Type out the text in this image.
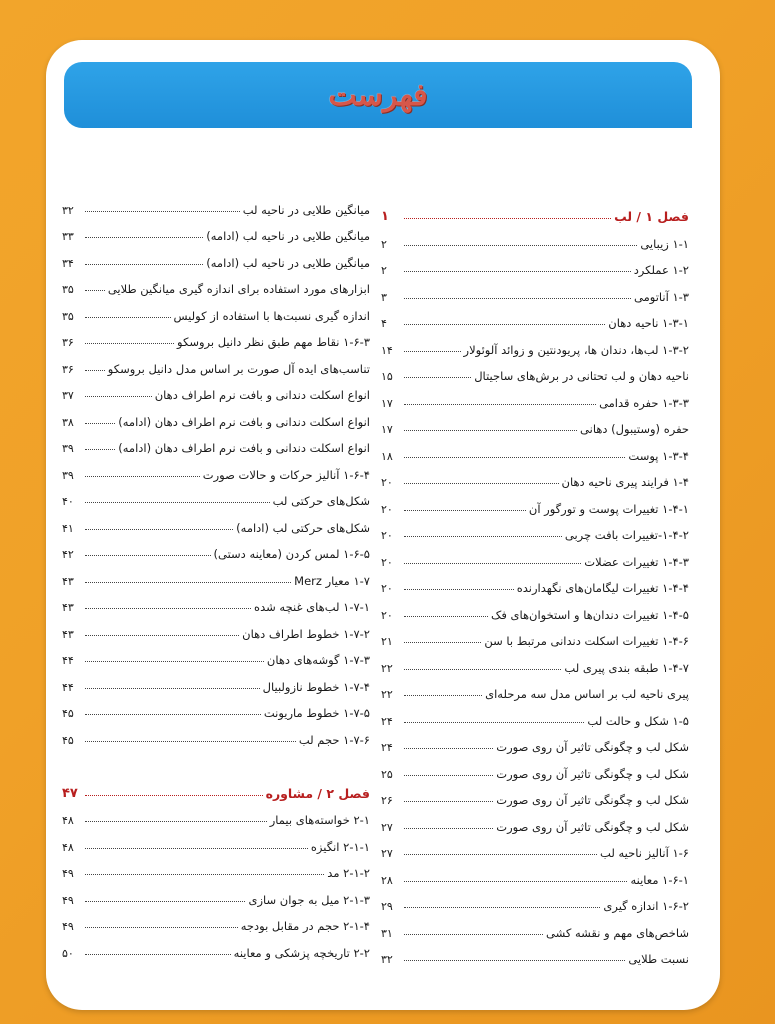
فهرست
فصل ۱ / لب
۱
۱-۱ زیبایی
۲
۱-۲ عملکرد
۲
۱-۳ آناتومی
۳
۱-۳-۱ ناحیه دهان
۴
۱-۳-۲ لب‌ها، دندان ها، پریودنتین و زوائد آلوئولار
۱۴
ناحیه دهان و لب تحتانی در برش‌های ساجیتال
۱۵
۱-۳-۳ حفره قدامی
۱۷
حفره (وستیبول) دهانی
۱۷
۱-۳-۴ پوست
۱۸
۱-۴ فرایند پیری ناحیه دهان
۲۰
۱-۴-۱ تغییرات پوست و تورگور آن
۲۰
۱-۴-۲-تغییرات بافت چربی
۲۰
۱-۴-۳ تغییرات عضلات
۲۰
۱-۴-۴ تغییرات لیگامان‌های نگهدارنده
۲۰
۱-۴-۵ تغییرات دندان‌ها و استخوان‌های فک
۲۰
۱-۴-۶ تغییرات اسکلت دندانی مرتبط با سن
۲۱
۱-۴-۷ طبقه بندی پیری لب
۲۲
پیری ناحیه لب بر اساس مدل سه مرحله‌ای
۲۲
۱-۵ شکل و حالت لب
۲۴
شکل لب و چگونگی تاثیر آن روی صورت
۲۴
شکل لب و چگونگی تاثیر آن روی صورت
۲۵
شکل لب و چگونگی تاثیر آن روی صورت
۲۶
شکل لب و چگونگی تاثیر آن روی صورت
۲۷
۱-۶ آنالیز ناحیه لب
۲۷
۱-۶-۱ معاینه
۲۸
۱-۶-۲ اندازه گیری
۲۹
شاخص‌های مهم و نقشه کشی
۳۱
نسبت طلایی
۳۲
میانگین طلایی در ناحیه لب
۳۲
میانگین طلایی در ناحیه لب (ادامه)
۳۳
میانگین طلایی در ناحیه لب (ادامه)
۳۴
ابزارهای مورد استفاده برای اندازه گیری میانگین طلایی
۳۵
اندازه گیری نسبت‌ها با استفاده از کولیس
۳۵
۱-۶-۳ نقاط مهم طبق نظر دانیل بروسکو
۳۶
تناسب‌های ایده آل صورت بر اساس مدل دانیل بروسکو
۳۶
انواع اسکلت دندانی و بافت نرم اطراف دهان
۳۷
انواع اسکلت دندانی و بافت نرم اطراف دهان (ادامه)
۳۸
انواع اسکلت دندانی و بافت نرم اطراف دهان (ادامه)
۳۹
۱-۶-۴ آنالیز حرکات و حالات صورت
۳۹
شکل‌های حرکتی لب
۴۰
شکل‌های حرکتی لب (ادامه)
۴۱
۱-۶-۵ لمس کردن (معاینه دستی)
۴۲
۱-۷ معیار Merz
۴۳
۱-۷-۱ لب‌های غنچه شده
۴۳
۱-۷-۲ خطوط اطراف دهان
۴۳
۱-۷-۳ گوشه‌های دهان
۴۴
۱-۷-۴ خطوط نازولبیال
۴۴
۱-۷-۵ خطوط ماریونت
۴۵
۱-۷-۶ حجم لب
۴۵
فصل ۲ / مشاوره
۴۷
۲-۱ خواسته‌های بیمار
۴۸
۲-۱-۱ انگیزه
۴۸
۲-۱-۲ مد
۴۹
۲-۱-۳ میل به جوان سازی
۴۹
۲-۱-۴ حجم در مقابل بودجه
۴۹
۲-۲ تاریخچه پزشکی و معاینه
۵۰
